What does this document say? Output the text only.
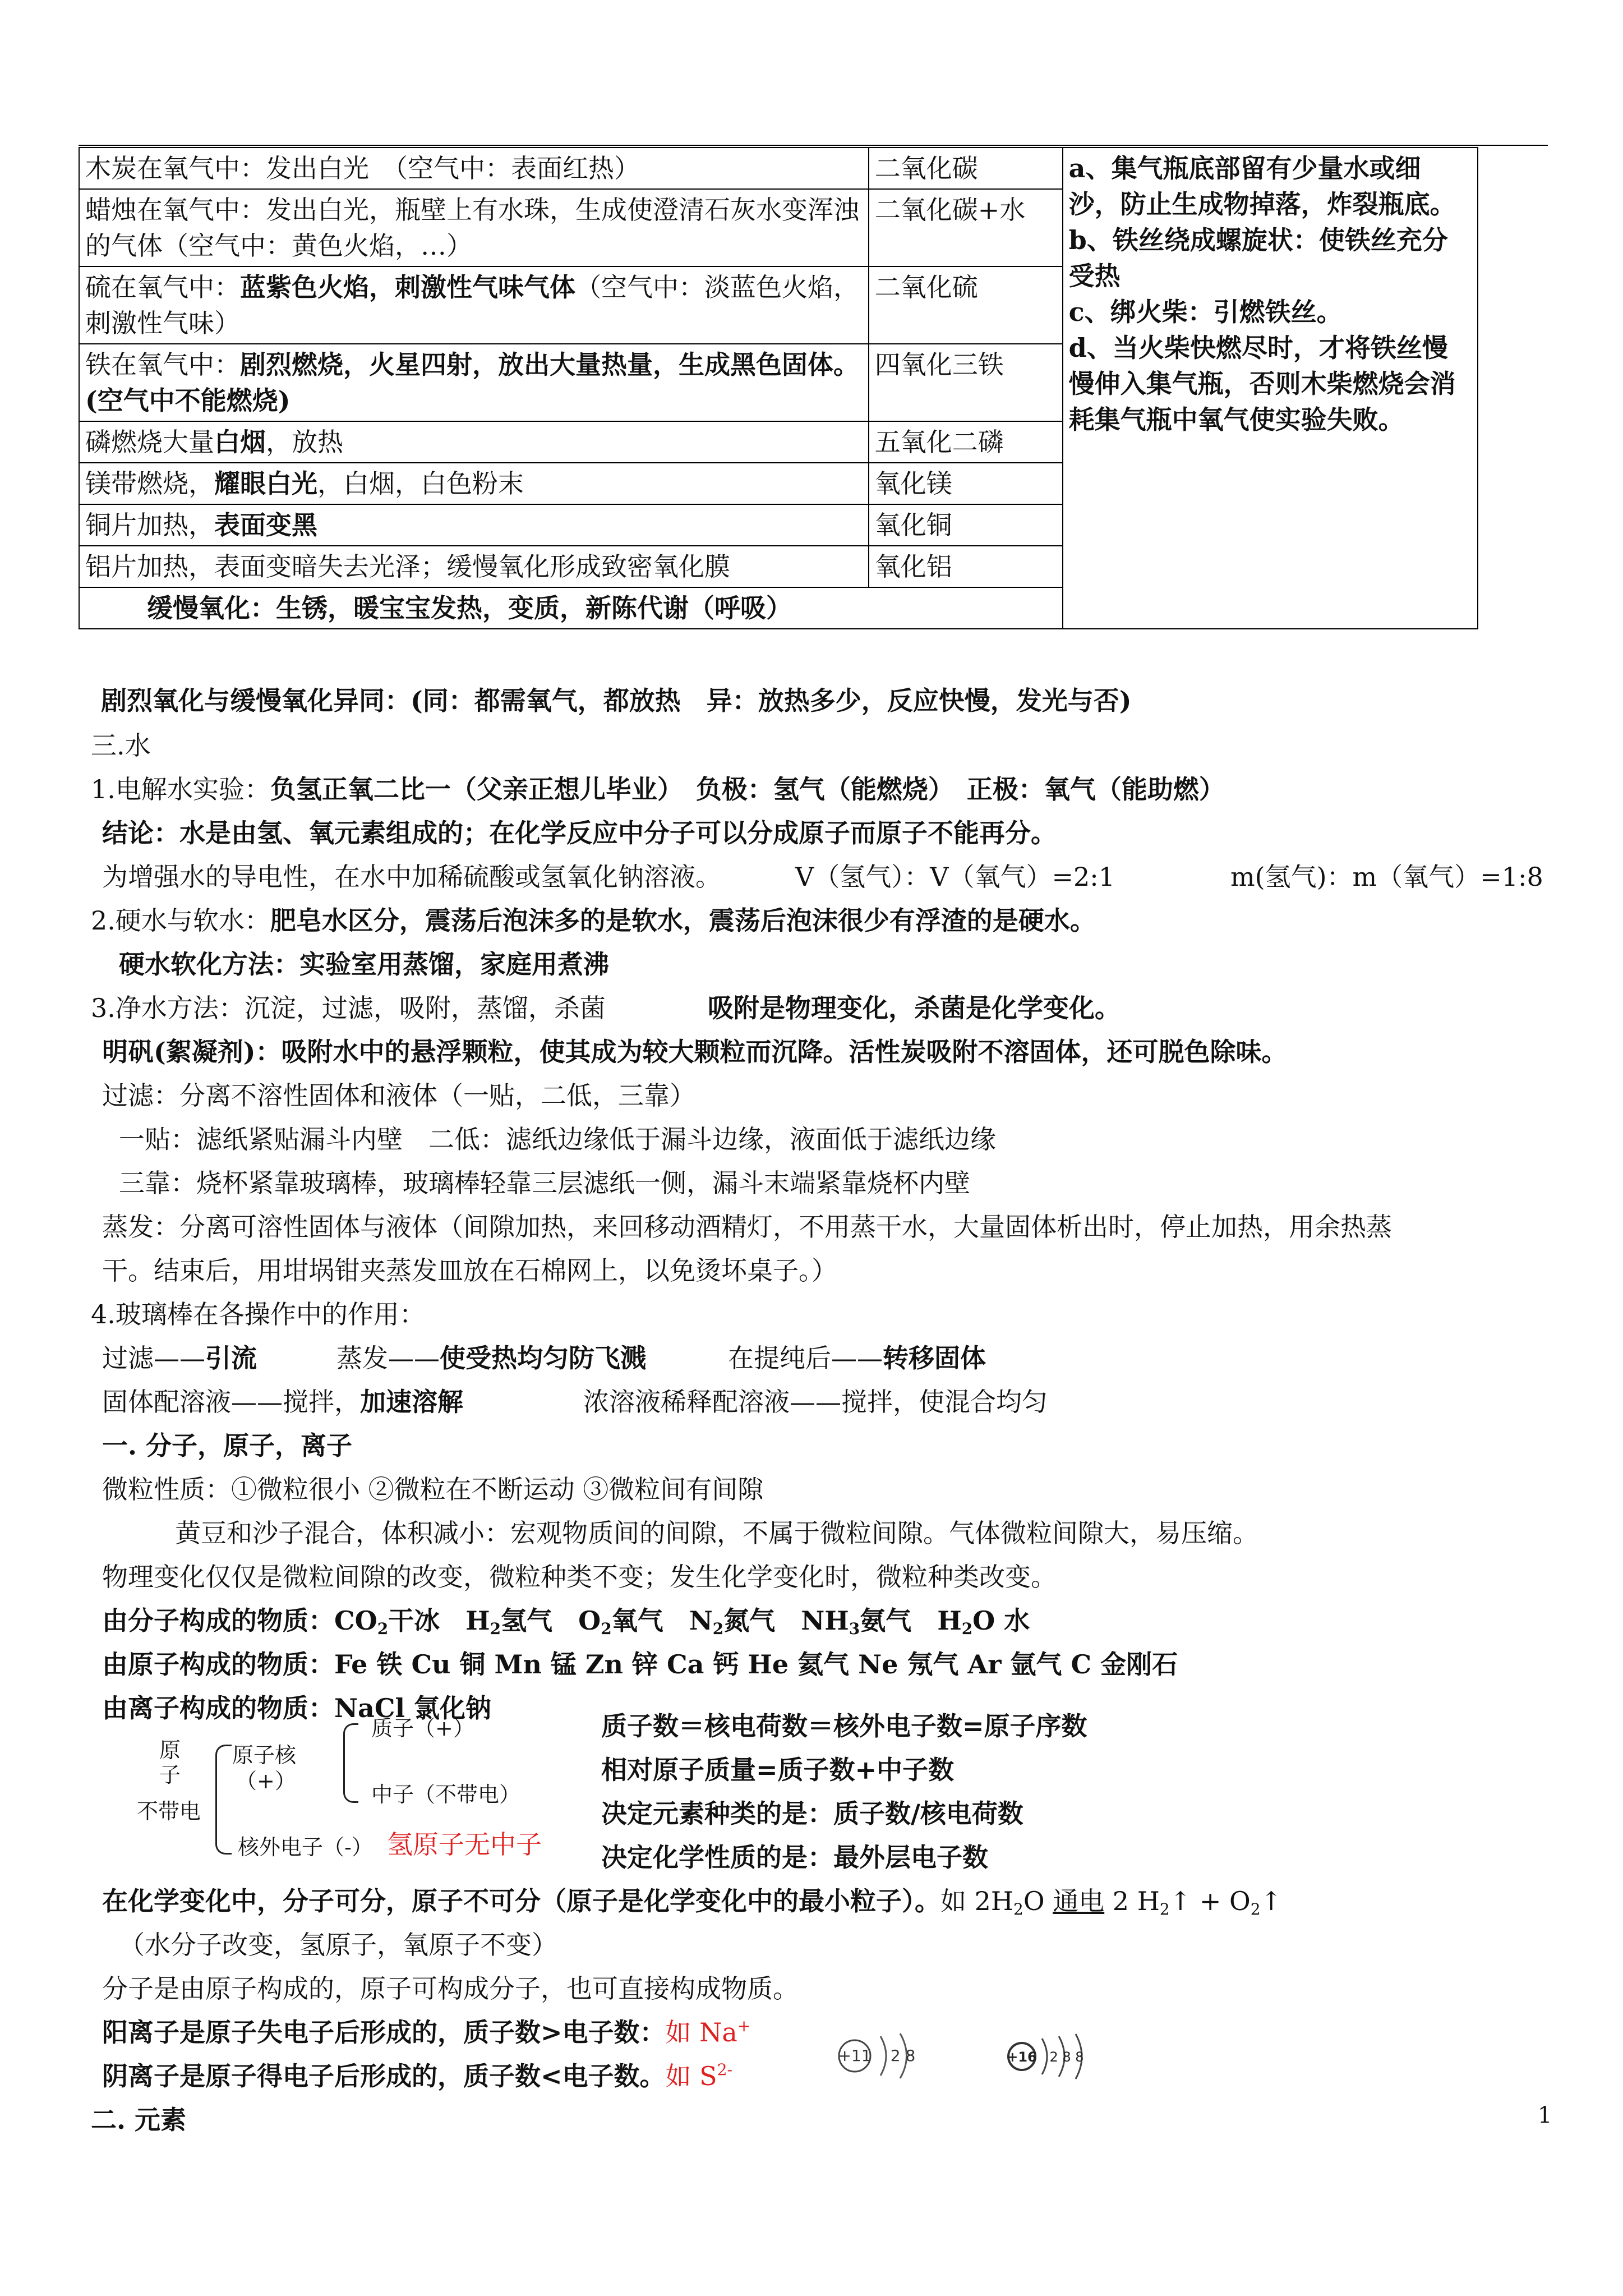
木炭在氧气中：发出白光　（空气中：表面红热）	二氧化碳	a、集气瓶底部留有少量水或细沙，防止生成物掉落，炸裂瓶底。
b、铁丝绕成螺旋状：使铁丝充分受热
c、绑火柴：引燃铁丝。
d、当火柴快燃尽时，才将铁丝慢慢伸入集气瓶，否则木柴燃烧会消耗集气瓶中氧气使实验失败。
蜡烛在氧气中：发出白光，瓶壁上有水珠，生成使澄清石灰水变浑浊的气体（空气中：黄色火焰，…）	二氧化碳+水	
硫在氧气中：蓝紫色火焰，刺激性气味气体（空气中：淡蓝色火焰，刺激性气味）	二氧化硫	
铁在氧气中：剧烈燃烧，火星四射，放出大量热量，生成黑色固体。(空气中不能燃烧)	四氧化三铁	
磷燃烧大量白烟，放热	五氧化二磷	
镁带燃烧，耀眼白光，白烟，白色粉末	氧化镁	
铜片加热，表面变黑	氧化铜	
铝片加热，表面变暗失去光泽；缓慢氧化形成致密氧化膜	氧化铝	
缓慢氧化：生锈，暖宝宝发热，变质，新陈代谢（呼吸）		
剧烈氧化与缓慢氧化异同：(同：都需氧气，都放热　异：放热多少，反应快慢，发光与否)
三.水
1.电解水实验：负氢正氧二比一（父亲正想儿毕业）　负极：氢气（能燃烧）　正极：氧气（能助燃）
结论：水是由氢、氧元素组成的；在化学反应中分子可以分成原子而原子不能再分。
为增强水的导电性，在水中加稀硫酸或氢氧化钠溶液。	V（氢气）：V（氧气）=2:1	m(氢气)：m（氧气）=1:8
2.硬水与软水：肥皂水区分，震荡后泡沫多的是软水，震荡后泡沫很少有浮渣的是硬水。
硬水软化方法：实验室用蒸馏，家庭用煮沸
3.净水方法：沉淀，过滤，吸附，蒸馏，杀菌	吸附是物理变化，杀菌是化学变化。
明矾(絮凝剂)：吸附水中的悬浮颗粒，使其成为较大颗粒而沉降。活性炭吸附不溶固体，还可脱色除味。
过滤：分离不溶性固体和液体（一贴，二低，三靠）
一贴：滤纸紧贴漏斗内壁　二低：滤纸边缘低于漏斗边缘，液面低于滤纸边缘
三靠：烧杯紧靠玻璃棒，玻璃棒轻靠三层滤纸一侧，漏斗末端紧靠烧杯内壁
蒸发：分离可溶性固体与液体（间隙加热，来回移动酒精灯，不用蒸干水，大量固体析出时，停止加热，用余热蒸
干。结束后，用坩埚钳夹蒸发皿放在石棉网上，以免烫坏桌子。）
4.玻璃棒在各操作中的作用：
过滤——引流	蒸发——使受热均匀防飞溅	在提纯后——转移固体
固体配溶液——搅拌，加速溶解	浓溶液稀释配溶液——搅拌，使混合均匀
一. 分子，原子，离子
微粒性质：①微粒很小 ②微粒在不断运动 ③微粒间有间隙
黄豆和沙子混合，体积减小：宏观物质间的间隙，不属于微粒间隙。气体微粒间隙大，易压缩。
物理变化仅仅是微粒间隙的改变，微粒种类不变；发生化学变化时，微粒种类改变。
由分子构成的物质：$CO_2$干冰　$H_2$氢气　$O_2$氧气　$N_2$氮气　$NH_3$氨气　$H_2O$ 水
由原子构成的物质：Fe 铁 Cu 铜 Mn 锰 Zn 锌 Ca 钙 He 氦气 Ne 氖气 Ar 氩气 C 金刚石
由离子构成的物质：NaCl 氯化钠
原子
不带电
原子核
（+）
质子（+）
中子（不带电）
核外电子（-） 氢原子无中子
质子数＝核电荷数＝核外电子数=原子序数
相对原子质量=质子数+中子数
决定元素种类的是：质子数/核电荷数
决定化学性质的是：最外层电子数
在化学变化中，分子可分，原子不可分（原子是化学变化中的最小粒子）。如 $2H_2O$ 通电 2 $H_2↑$ + $O_2↑$
（水分子改变，氢原子，氧原子不变）
分子是由原子构成的，原子可构成分子，也可直接构成物质。
阳离子是原子失电子后形成的，质子数>电子数：如 Na+
阴离子是原子得电子后形成的，质子数<电子数。如 $S^{2-}$
+11 2 8	+16 2 8 8
二. 元素	1
